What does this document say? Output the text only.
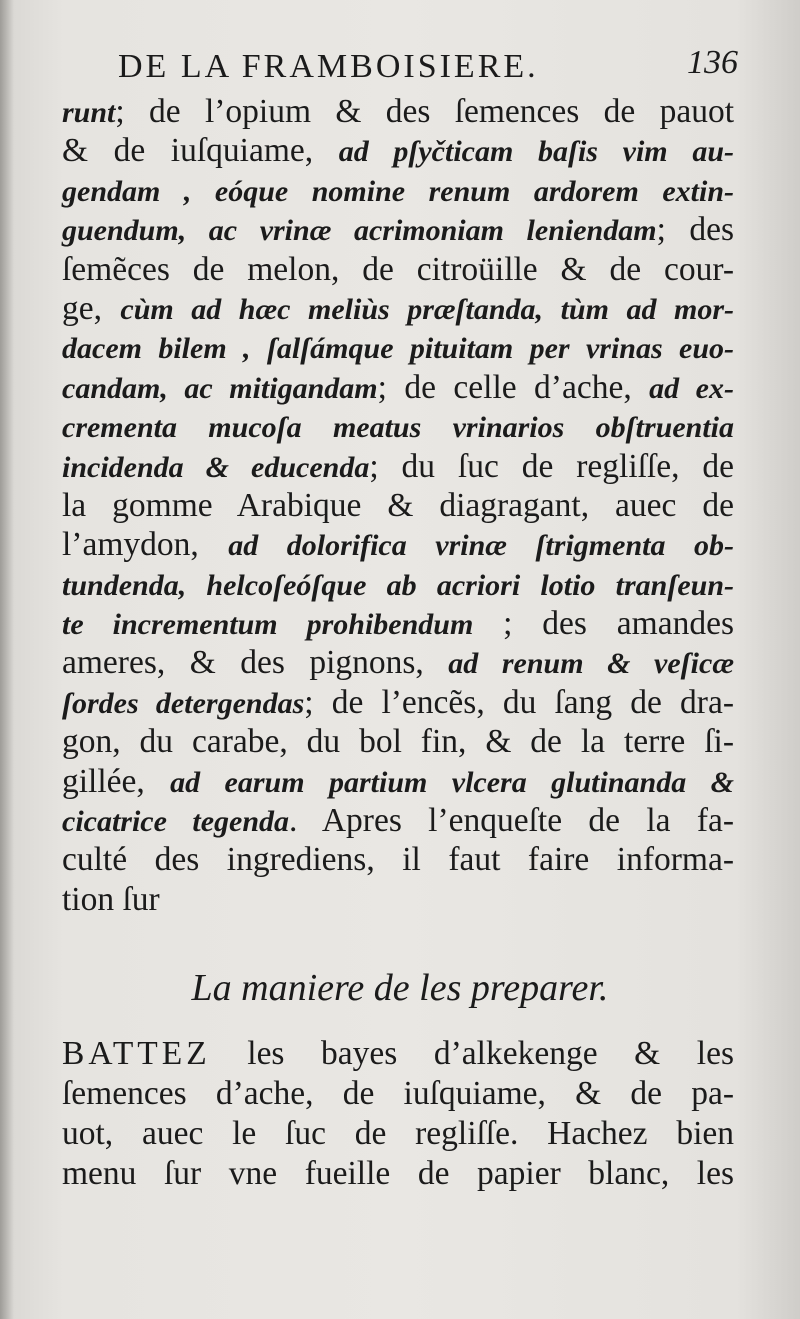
DE LA FRAMBOISIERE.	136
runt; de l’opium & des ſemences de pauot
& de iuſquiame, ad pſyčticam baſis vim au-
gendam , eóque nomine renum ardorem extin-
guendum, ac vrinæ acrimoniam leniendam; des
ſemẽces de melon, de citroüille & de cour-
ge, cùm ad hæc meliùs præſtanda, tùm ad mor-
dacem bilem , ſalſámque pituitam per vrinas euo-
candam, ac mitigandam; de celle d’ache, ad ex-
crementa mucoſa meatus vrinarios obſtruentia
incidenda & educenda; du ſuc de regliſſe, de
la gomme Arabique & diagragant, auec de
l’amydon, ad dolorifica vrinæ ſtrigmenta ob-
tundenda, helcoſeóſque ab acriori lotio tranſeun-
te incrementum prohibendum ; des amandes
ameres, & des pignons, ad renum & veſicæ
ſordes detergendas; de l’encẽs, du ſang de dra-
gon, du carabe, du bol fin, & de la terre ſi-
gillée, ad earum partium vlcera glutinanda &
cicatrice tegenda. Apres l’enqueſte de la fa-
culté des ingrediens, il faut faire informa-
tion ſur
La maniere de les preparer.
BATTEZ les bayes d’alkekenge & les
ſemences d’ache, de iuſquiame, & de pa-
uot, auec le ſuc de regliſſe. Hachez bien
menu ſur vne fueille de papier blanc, les
